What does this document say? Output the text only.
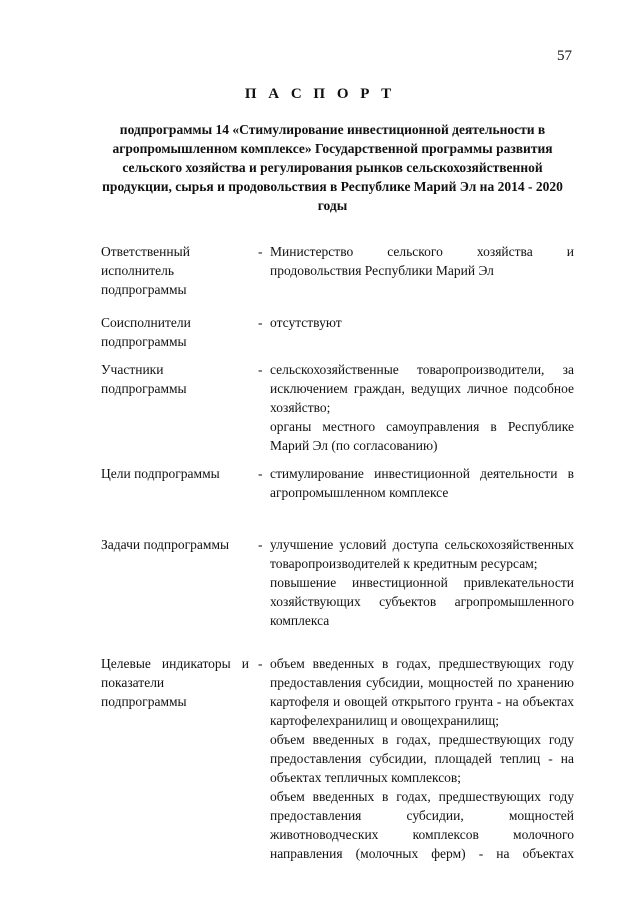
57
П А С П О Р Т
подпрограммы 14 «Стимулирование инвестиционной деятельности в агропромышленном комплексе» Государственной программы развития сельского хозяйства и регулирования рынков сельскохозяйственной продукции, сырья и продовольствия в Республике Марий Эл на 2014 - 2020 годы
Ответственный исполнитель подпрограммы
- Министерство сельского хозяйства и продовольствия Республики Марий Эл
Соисполнители подпрограммы
- отсутствуют
Участники подпрограммы
- сельскохозяйственные товаропроизводители, за исключением граждан, ведущих личное подсобное хозяйство;
органы местного самоуправления в Республике Марий Эл (по согласованию)
Цели подпрограммы	- стимулирование инвестиционной деятельности в агропромышленном комплексе
Задачи подпрограммы	- улучшение условий доступа сельскохозяйственных товаропроизводителей к кредитным ресурсам;
повышение инвестиционной привлекательности хозяйствующих субъектов агропромышленного комплекса
Целевые индикаторы и показатели подпрограммы
- объем введенных в годах, предшествующих году предоставления субсидии, мощностей по хранению картофеля и овощей открытого грунта - на объектах картофелехранилищ и овощехранилищ;
объем введенных в годах, предшествующих году предоставления субсидии, площадей теплиц - на объектах тепличных комплексов;
объем введенных в годах, предшествующих году предоставления субсидии, мощностей животноводческих комплексов молочного направления (молочных ферм) - на объектах
